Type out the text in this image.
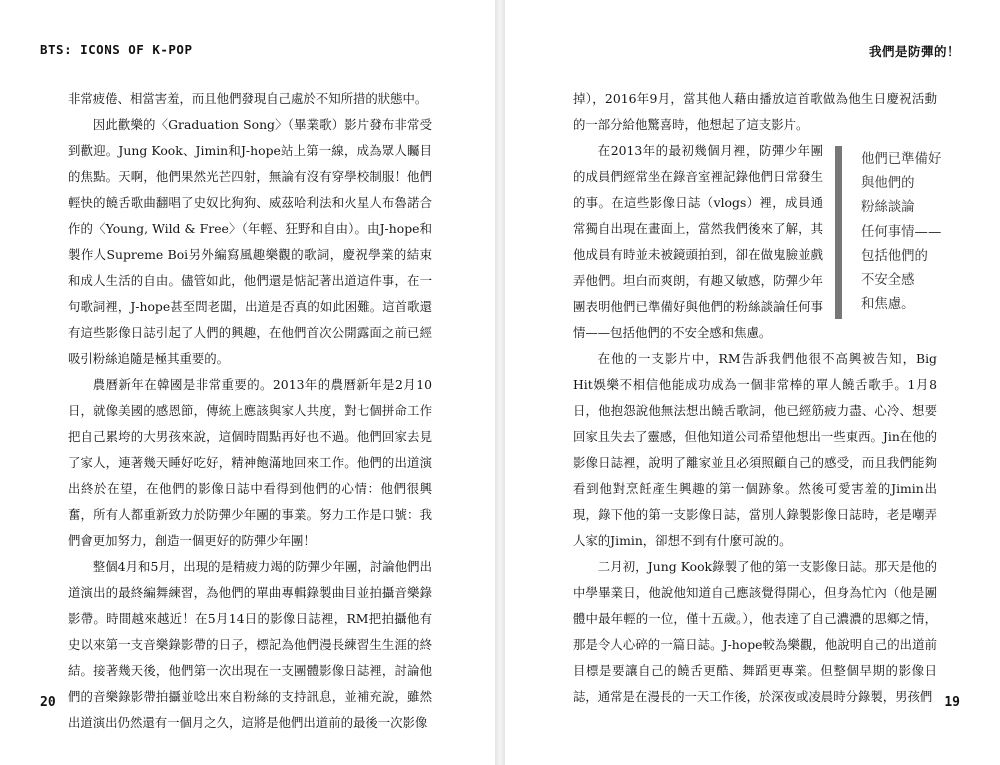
BTS: ICONS OF K-POP

非常疲倦、相當害羞，而且他們發現自己處於不知所措的狀態中。

因此歡樂的〈Graduation Song〉（畢業歌）影片發布非常受到歡迎。Jung Kook、Jimin和J-hope站上第一線，成為眾人矚目的焦點。天啊，他們果然光芒四射，無論有沒有穿學校制服！他們輕快的饒舌歌曲翻唱了史奴比狗狗、威茲哈利法和火星人布魯諾合作的〈Young, Wild & Free〉（年輕、狂野和自由）。由J-hope和製作人Supreme Boi另外編寫風趣樂觀的歌詞，慶祝學業的結束和成人生活的自由。儘管如此，他們還是惦記著出道這件事，在一句歌詞裡，J-hope甚至問老闆，出道是否真的如此困難。這首歌還有這些影像日誌引起了人們的興趣，在他們首次公開露面之前已經吸引粉絲追隨是極其重要的。

農曆新年在韓國是非常重要的。2013年的農曆新年是2月10日，就像美國的感恩節，傳統上應該與家人共度，對七個拼命工作把自己累垮的大男孩來說，這個時間點再好也不過。他們回家去見了家人，連著幾天睡好吃好，精神飽滿地回來工作。他們的出道演出終於在望，在他們的影像日誌中看得到他們的心情：他們很興奮，所有人都重新致力於防彈少年團的事業。努力工作是口號：我們會更加努力，創造一個更好的防彈少年團！

整個4月和5月，出現的是精疲力竭的防彈少年團，討論他們出道演出的最終編舞練習，為他們的單曲專輯錄製曲目並拍攝音樂錄影帶。時間越來越近！在5月14日的影像日誌裡，RM把拍攝他有史以來第一支音樂錄影帶的日子，標記為他們漫長練習生生涯的終結。接著幾天後，他們第一次出現在一支團體影像日誌裡，討論他們的音樂錄影帶拍攝並唸出來自粉絲的支持訊息，並補充說，雖然出道演出仍然還有一個月之久，這將是他們出道前的最後一次影像

20
我們是防彈的！

掉），2016年9月，當其他人藉由播放這首歌做為他生日慶祝活動的一部分給他驚喜時，他想起了這支影片。

在2013年的最初幾個月裡，防彈少年團的成員們經常坐在錄音室裡記錄他們日常發生的事。在這些影像日誌（vlogs）裡，成員通常獨自出現在畫面上，當然我們後來了解，其他成員有時並未被鏡頭拍到，卻在做鬼臉並戲弄他們。坦白而爽朗，有趣又敏感，防彈少年團表明他們已準備好與他們的粉絲談論任何事情——包括他們的不安全感和焦慮。

在他的一支影片中，RM告訴我們他很不高興被告知，Big Hit娛樂不相信他能成功成為一個非常棒的單人饒舌歌手。1月8日，他抱怨說他無法想出饒舌歌詞，他已經筋疲力盡、心冷、想要回家且失去了靈感，但他知道公司希望他想出一些東西。Jin在他的影像日誌裡，說明了離家並且必須照顧自己的感受，而且我們能夠看到他對烹飪產生興趣的第一個跡象。然後可愛害羞的Jimin出現，錄下他的第一支影像日誌，當別人錄製影像日誌時，老是嘲弄人家的Jimin，卻想不到有什麼可說的。

二月初，Jung Kook錄製了他的第一支影像日誌。那天是他的中學畢業日，他說他知道自己應該覺得開心，但身為忙內（他是團體中最年輕的一位，僅十五歲。），他表達了自己濃濃的思鄉之情，那是令人心碎的一篇日誌。J-hope較為樂觀，他說明自己的出道前目標是要讓自己的饒舌更酷、舞蹈更專業。但整個早期的影像日誌，通常是在漫長的一天工作後，於深夜或凌晨時分錄製，男孩們

他們已準備好
與他們的
粉絲談論
任何事情——
包括他們的
不安全感
和焦慮。
19
